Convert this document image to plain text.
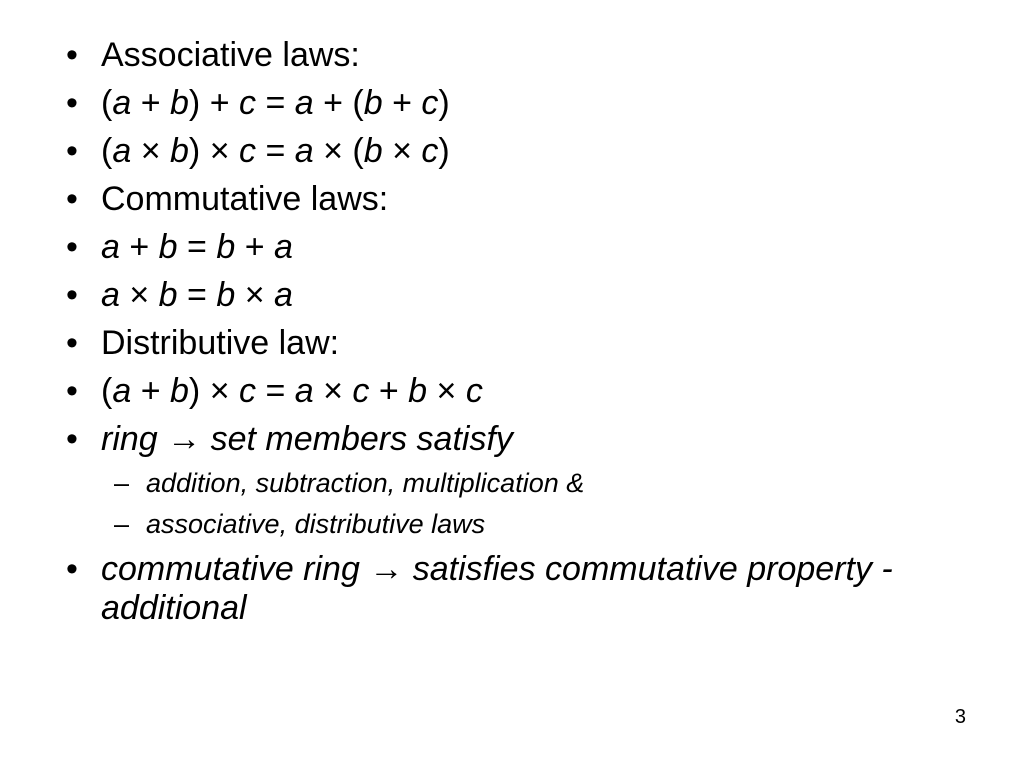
• Associative laws:
• (a + b) + c = a + (b + c)
• (a × b) × c = a × (b × c)
• Commutative laws:
• a + b = b + a
• a × b = b × a
• Distributive law:
• (a + b) × c = a × c + b × c
• ring → set members satisfy
– addition, subtraction, multiplication &
– associative, distributive laws
• commutative ring → satisfies commutative property - additional
3
